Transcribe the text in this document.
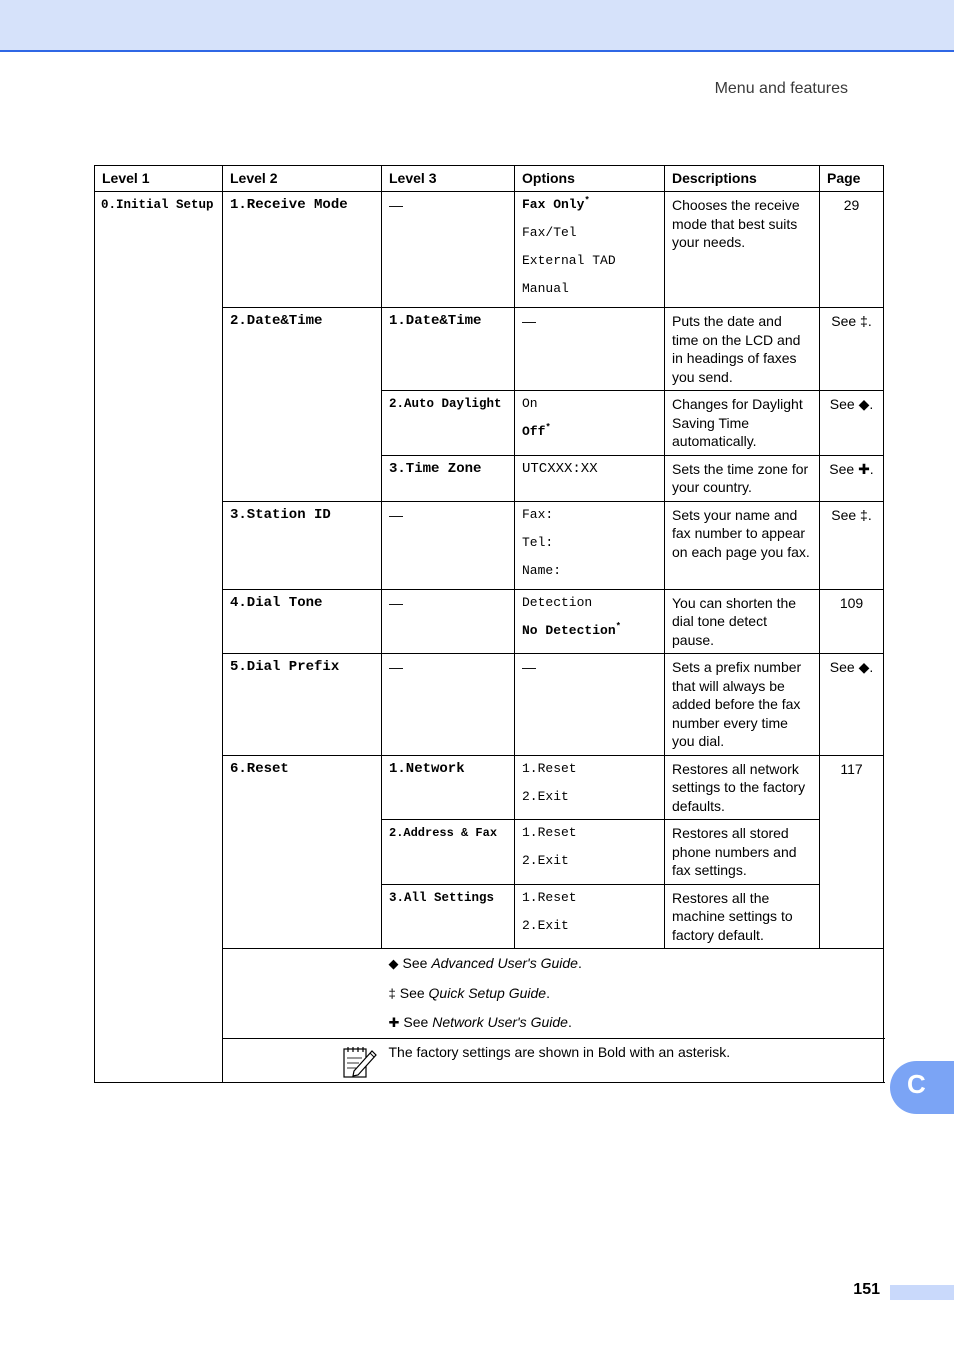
Menu and features
Level 1	Level 2	Level 3	Options	Descriptions	Page
0.Initial Setup	1.Receive Mode	—	Fax Only*
Fax/Tel
External TAD
Manual	Chooses the receive mode that best suits your needs.	29
	2.Date&Time	1.Date&Time	—	Puts the date and time on the LCD and in headings of faxes you send.	See ‡.
		2.Auto Daylight	On
Off*	Changes for Daylight Saving Time automatically.	See ◆.
		3.Time Zone	UTCXXX:XX	Sets the time zone for your country.	See ✚.
	3.Station ID	—	Fax:
Tel:
Name:	Sets your name and fax number to appear on each page you fax.	See ‡.
	4.Dial Tone	—	Detection
No Detection*	You can shorten the dial tone detect pause.	109
	5.Dial Prefix	—	—	Sets a prefix number that will always be added before the fax number every time you dial.	See ◆.
	6.Reset	1.Network	1.Reset
2.Exit	Restores all network settings to the factory defaults.	117
		2.Address & Fax	1.Reset
2.Exit	Restores all stored phone numbers and fax settings.	
		3.All Settings	1.Reset
2.Exit	Restores all the machine settings to factory default.	

		◆ See Advanced User's Guide.
‡ See Quick Setup Guide.
✚ See Network User's Guide.			

	The factory settings are shown in Bold with an asterisk.			
C
151
